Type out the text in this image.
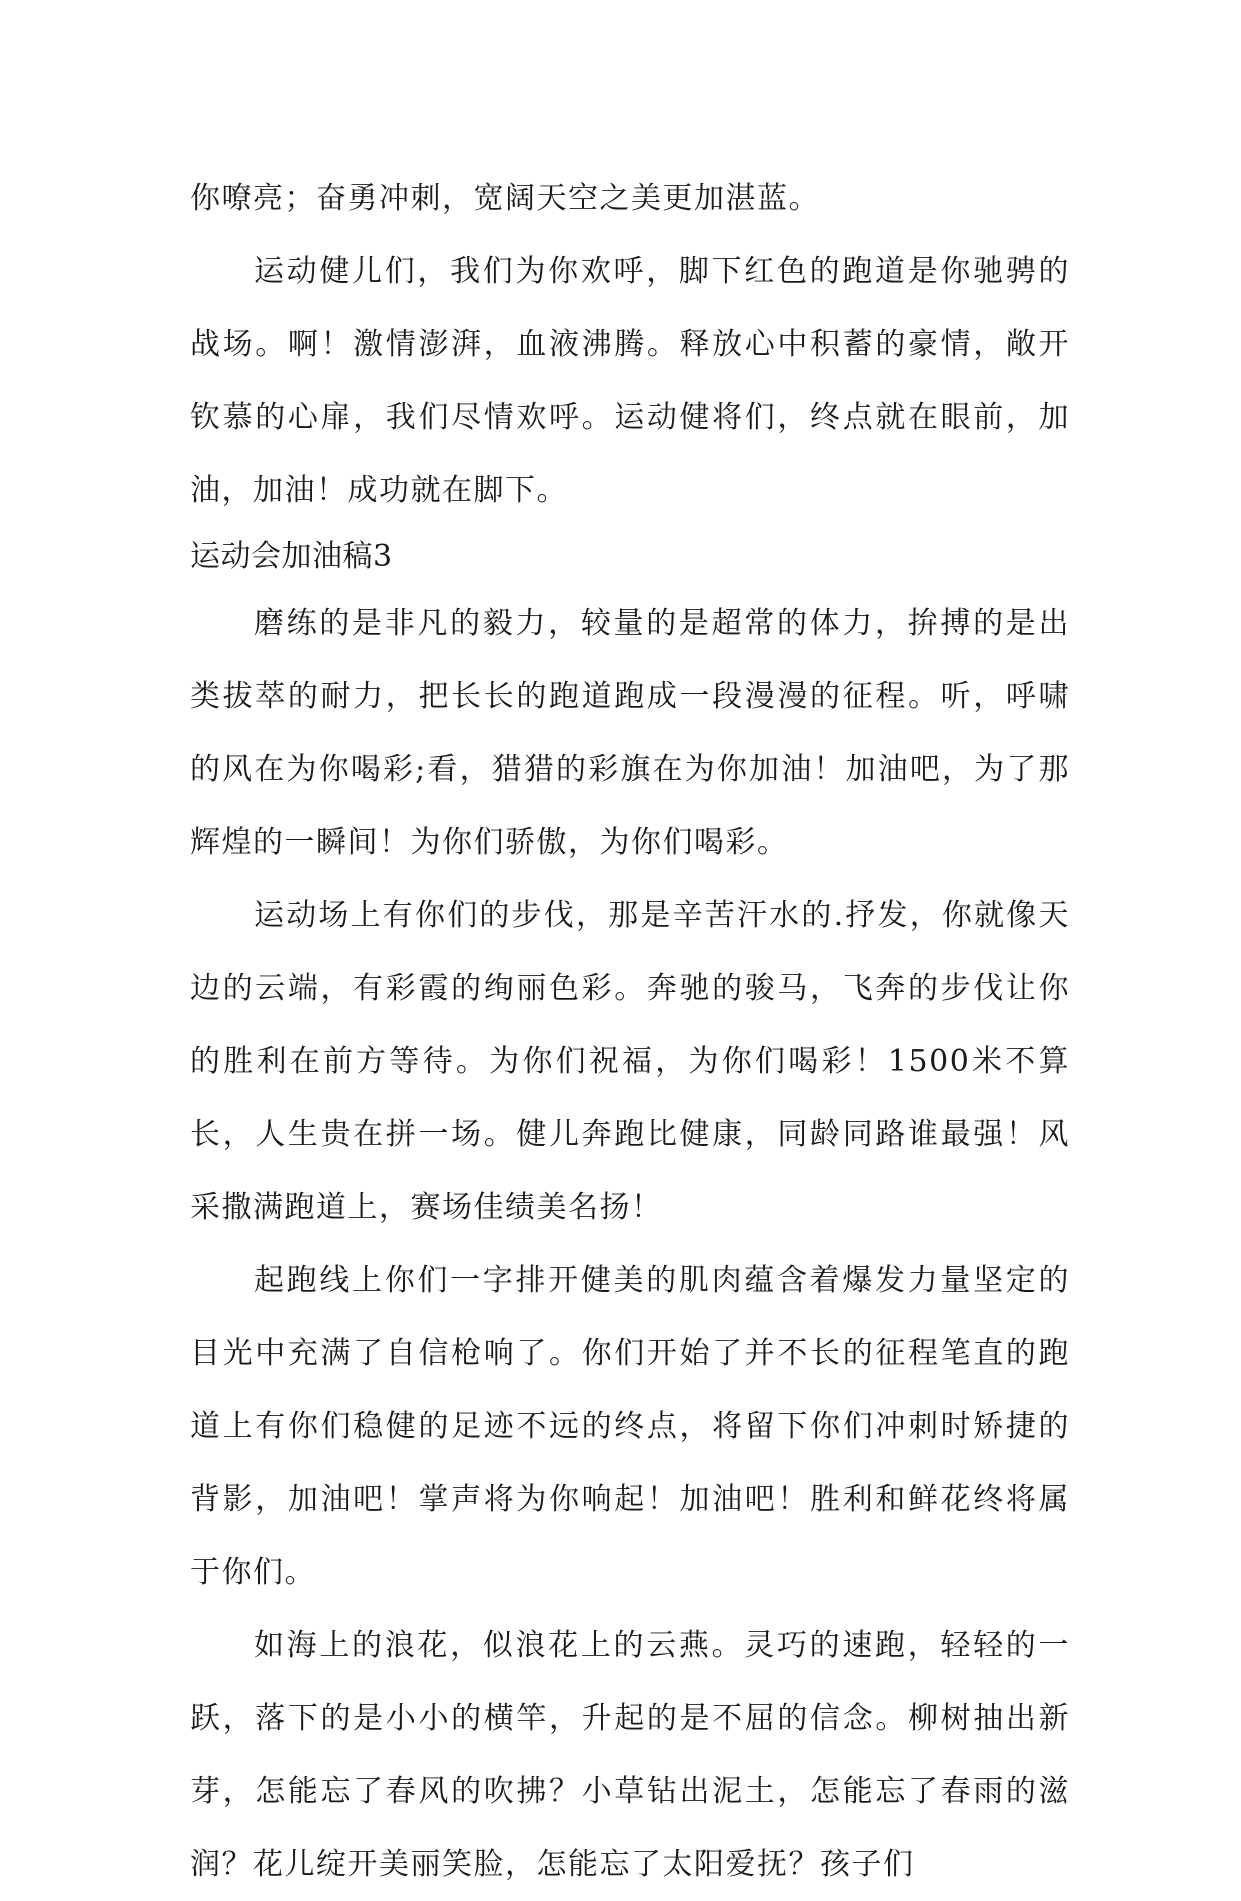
你嘹亮；奋勇冲刺，宽阔天空之美更加湛蓝。

运动健儿们，我们为你欢呼，脚下红色的跑道是你驰骋的战场。啊！激情澎湃，血液沸腾。释放心中积蓄的豪情，敞开钦慕的心扉，我们尽情欢呼。运动健将们，终点就在眼前，加油，加油！成功就在脚下。

运动会加油稿3

磨练的是非凡的毅力，较量的是超常的体力，拚搏的是出类拔萃的耐力，把长长的跑道跑成一段漫漫的征程。听，呼啸的风在为你喝彩;看，猎猎的彩旗在为你加油！加油吧，为了那辉煌的一瞬间！为你们骄傲，为你们喝彩。

运动场上有你们的步伐，那是辛苦汗水的.抒发，你就像天边的云端，有彩霞的绚丽色彩。奔驰的骏马，飞奔的步伐让你的胜利在前方等待。为你们祝福，为你们喝彩！1500米不算长，人生贵在拼一场。健儿奔跑比健康，同龄同路谁最强！风采撒满跑道上，赛场佳绩美名扬！

起跑线上你们一字排开健美的肌肉蕴含着爆发力量坚定的目光中充满了自信枪响了。你们开始了并不长的征程笔直的跑道上有你们稳健的足迹不远的终点，将留下你们冲刺时矫捷的背影，加油吧！掌声将为你响起！加油吧！胜利和鲜花终将属于你们。

如海上的浪花，似浪花上的云燕。灵巧的速跑，轻轻的一跃，落下的是小小的横竿，升起的是不屈的信念。柳树抽出新芽，怎能忘了春风的吹拂？小草钻出泥土，怎能忘了春雨的滋润？花儿绽开美丽笑脸，怎能忘了太阳爱抚？孩子们
